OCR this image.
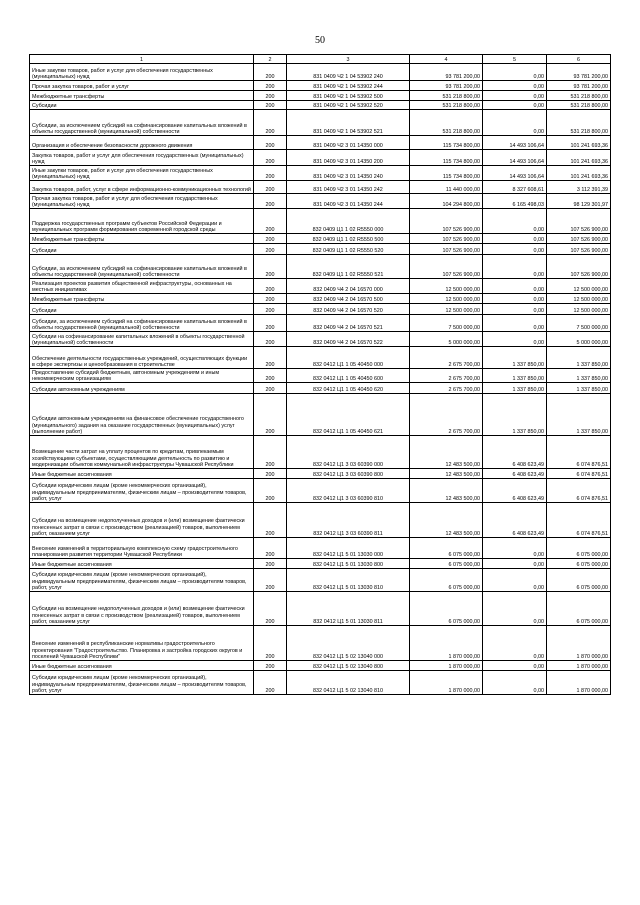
50
1	2	3	4	5	6
Иные закупки товаров, работ и услуг для обеспечения государственных (муниципальных) нужд	200	831 0409 Ч2 1 04 53902 240	93 781 200,00	0,00	93 781 200,00
Прочая закупка товаров, работ и услуг	200	831 0409 Ч2 1 04 53902 244	93 781 200,00	0,00	93 781 200,00
Межбюджетные трансферты	200	831 0409 Ч2 1 04 53902 500	531 218 800,00	0,00	531 218 800,00
Субсидии	200	831 0409 Ч2 1 04 53902 520	531 218 800,00	0,00	531 218 800,00
Субсидии, за исключением субсидий на софинансирование капитальных вложений в объекты государственной (муниципальной) собственности	200	831 0409 Ч2 1 04 53902 521	531 218 800,00	0,00	531 218 800,00
Организация и обеспечение безопасности дорожного движения	200	831 0409 Ч2 3 01 14350 000	115 734 800,00	14 493 106,64	101 241 693,36
Закупка товаров, работ и услуг для обеспечения государственных (муниципальных) нужд	200	831 0409 Ч2 3 01 14350 200	115 734 800,00	14 493 106,64	101 241 693,36
Иные закупки товаров, работ и услуг для обеспечения государственных (муниципальных) нужд	200	831 0409 Ч2 3 01 14350 240	115 734 800,00	14 493 106,64	101 241 693,36
Закупка товаров, работ, услуг в сфере информационно-коммуникационных технологий	200	831 0409 Ч2 3 01 14350 242	11 440 000,00	8 327 608,61	3 112 391,39
Прочая закупка товаров, работ и услуг для обеспечения государственных (муниципальных) нужд	200	831 0409 Ч2 3 01 14350 244	104 294 800,00	6 165 498,03	98 129 301,97
Поддержка государственных программ субъектов Российской Федерации и муниципальных программ формирования современной городской среды	200	832 0409 Ц1 1 02 R5550 000	107 526 900,00	0,00	107 526 900,00
Межбюджетные трансферты	200	832 0409 Ц1 1 02 R5550 500	107 526 900,00	0,00	107 526 900,00
Субсидии	200	832 0409 Ц1 1 02 R5550 520	107 526 900,00	0,00	107 526 900,00
Субсидии, за исключением субсидий на софинансирование капитальных вложений в объекты государственной (муниципальной) собственности	200	832 0409 Ц1 1 02 R5550 521	107 526 900,00	0,00	107 526 900,00
Реализация проектов развития общественной инфраструктуры, основанных на местных инициативах	200	832 0409 Ч4 2 04 16570 000	12 500 000,00	0,00	12 500 000,00
Межбюджетные трансферты	200	832 0409 Ч4 2 04 16570 500	12 500 000,00	0,00	12 500 000,00
Субсидии	200	832 0409 Ч4 2 04 16570 520	12 500 000,00	0,00	12 500 000,00
Субсидии, за исключением субсидий на софинансирование капитальных вложений в объекты государственной (муниципальной) собственности	200	832 0409 Ч4 2 04 16570 521	7 500 000,00	0,00	7 500 000,00
Субсидии на софинансирование капитальных вложений в объекты государственной (муниципальной) собственности	200	832 0409 Ч4 2 04 16570 522	5 000 000,00	0,00	5 000 000,00
Обеспечение деятельности государственных учреждений, осуществляющих функции в сфере экспертизы и ценообразования в строительстве	200	832 0412 Ц1 1 05 40450 000	2 675 700,00	1 337 850,00	1 337 850,00
Предоставление субсидий бюджетным, автономным учреждениям и иным некоммерческим организациям	200	832 0412 Ц1 1 05 40450 600	2 675 700,00	1 337 850,00	1 337 850,00
Субсидии автономным учреждениям	200	832 0412 Ц1 1 05 40450 620	2 675 700,00	1 337 850,00	1 337 850,00
Субсидии автономным учреждениям на финансовое обеспечение государственного (муниципального) задания на оказание государственных (муниципальных) услуг (выполнение работ)	200	832 0412 Ц1 1 05 40450 621	2 675 700,00	1 337 850,00	1 337 850,00
Возмещение части затрат на уплату процентов по кредитам, привлекаемым хозяйствующими субъектами, осуществляющими деятельность по развитию и модернизации объектов коммунальной инфраструктуры Чувашской Республики	200	832 0412 Ц1 3 03 60390 000	12 483 500,00	6 408 623,49	6 074 876,51
Иные бюджетные ассигнования	200	832 0412 Ц1 3 03 60390 800	12 483 500,00	6 408 623,49	6 074 876,51
Субсидии юридическим лицам (кроме некоммерческих организаций), индивидуальным предпринимателям, физическим лицам – производителям товаров, работ, услуг	200	832 0412 Ц1 3 03 60390 810	12 483 500,00	6 408 623,49	6 074 876,51
Субсидии на возмещение недополученных доходов и (или) возмещение фактически понесенных затрат в связи с производством (реализацией) товаров, выполнением работ, оказанием услуг	200	832 0412 Ц1 3 03 60390 811	12 483 500,00	6 408 623,49	6 074 876,51
Внесение изменений в территориальную комплексную схему градостроительного планирования развития территории Чувашской Республики	200	832 0412 Ц1 5 01 13030 000	6 075 000,00	0,00	6 075 000,00
Иные бюджетные ассигнования	200	832 0412 Ц1 5 01 13030 800	6 075 000,00	0,00	6 075 000,00
Субсидии юридическим лицам (кроме некоммерческих организаций), индивидуальным предпринимателям, физическим лицам – производителям товаров, работ, услуг	200	832 0412 Ц1 5 01 13030 810	6 075 000,00	0,00	6 075 000,00
Субсидии на возмещение недополученных доходов и (или) возмещение фактически понесенных затрат в связи с производством (реализацией) товаров, выполнением работ, оказанием услуг	200	832 0412 Ц1 5 01 13030 811	6 075 000,00	0,00	6 075 000,00
Внесение изменений в республиканские нормативы градостроительного проектирования "Градостроительство. Планировка и застройка городских округов и поселений Чувашской Республики"	200	832 0412 Ц1 5 02 13040 000	1 870 000,00	0,00	1 870 000,00
Иные бюджетные ассигнования	200	832 0412 Ц1 5 02 13040 800	1 870 000,00	0,00	1 870 000,00
Субсидии юридическим лицам (кроме некоммерческих организаций), индивидуальным предпринимателям, физическим лицам – производителям товаров, работ, услуг	200	832 0412 Ц1 5 02 13040 810	1 870 000,00	0,00	1 870 000,00
